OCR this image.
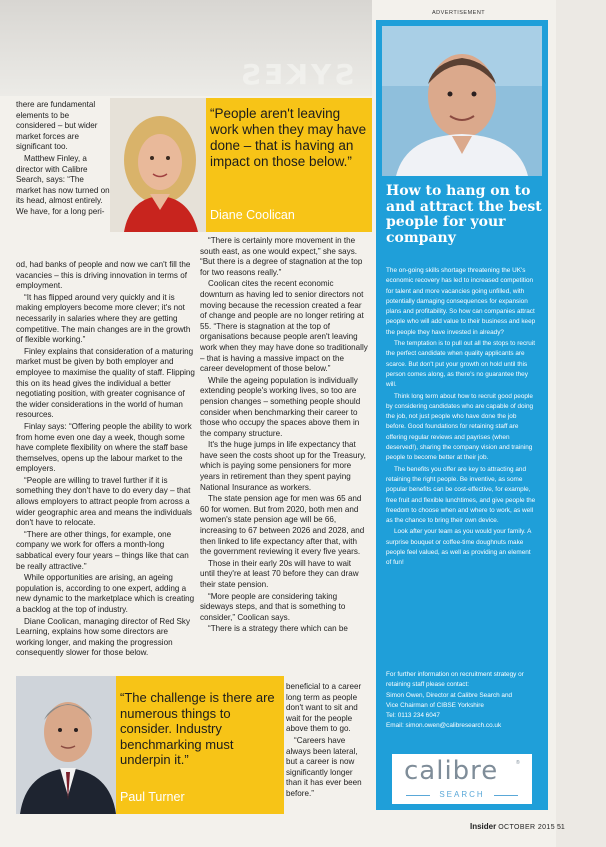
SYKES

there are fundamental elements to be considered – but wider market forces are significant too.

Matthew Finley, a director with Calibre Search, says: “The market has now turned on its head, almost entirely. We have, for a long peri-

“People aren't leaving work when they may have done – that is having an impact on those below.”
Diane Coolican

od, had banks of people and now we can't fill the vacancies – this is driving innovation in terms of employment.

“It has flipped around very quickly and it is making employers become more clever; it's not necessarily in salaries where they are getting competitive. The main changes are in the growth of flexible working.”

Finley explains that consideration of a maturing market must be given by both employer and employee to maximise the quality of staff. Flipping this on its head gives the individual a better negotiating position, with greater cognisance of the wider considerations in the world of human resources.

Finlay says: “Offering people the ability to work from home even one day a week, though some have complete flexibility on where the staff base themselves, opens up the labour market to the employers.

“People are willing to travel further if it is something they don't have to do every day – that allows employers to attract people from across a wider geographic area and means the individuals don't have to relocate.

“There are other things, for example, one company we work for offers a month-long sabbatical every four years – things like that can be really attractive.”

While opportunities are arising, an ageing population is, according to one expert, adding a new dynamic to the marketplace which is creating a backlog at the top of industry.

Diane Coolican, managing director of Red Sky Learning, explains how some directors are working longer, and making the progression consequently slower for those below.

“There is certainly more movement in the south east, as one would expect,” she says. “But there is a degree of stagnation at the top for two reasons really.”

Coolican cites the recent economic downturn as having led to senior directors not moving because the recession created a fear of change and people are no longer retiring at 55. “There is stagnation at the top of organisations because people aren't leaving work when they may have done so traditionally – that is having a massive impact on the career development of those below.”

While the ageing population is individually extending people's working lives, so too are pension changes – something people should consider when benchmarking their career to those who occupy the spaces above them in the company structure.

It's the huge jumps in life expectancy that have seen the costs shoot up for the Treasury, which is paying some pensioners for more years in retirement than they spent paying National Insurance as workers.

The state pension age for men was 65 and 60 for women. But from 2020, both men and women's state pension age will be 66, increasing to 67 between 2026 and 2028, and then linked to life expectancy after that, with the government reviewing it every five years.

Those in their early 20s will have to wait until they're at least 70 before they can draw their state pension.

“More people are considering taking sideways steps, and that is something to consider,” Coolican says.

“There is a strategy there which can be

“The challenge is there are numerous things to consider. Industry benchmarking must underpin it.”
Paul Turner

beneficial to a career long term as people don't want to sit and wait for the people above them to go.

“Careers have always been lateral, but a career is now significantly longer than it has ever been before.”

ADVERTISEMENT
How to hang on to and attract the best people for your company

The on-going skills shortage threatening the UK's economic recovery has led to increased competition for talent and more vacancies going unfilled, with potentially damaging consequences for expansion plans and profitability. So how can companies attract people who will add value to their business and keep the people they have invested in already?

The temptation is to pull out all the stops to recruit the perfect candidate when quality applicants are scarce. But don't put your growth on hold until this person comes along, as there's no guarantee they will.

Think long term about how to recruit good people by considering candidates who are capable of doing the job, not just people who have done the job before. Good foundations for retaining staff are offering regular reviews and payrises (when deserved!), sharing the company vision and training people to become better at their job.

The benefits you offer are key to attracting and retaining the right people. Be inventive, as some popular benefits can be cost-effective, for example, free fruit and flexible lunchtimes, and give people the freedom to choose when and where to work, as well as the chance to bring their own device.

Look after your team as you would your family. A surprise bouquet or coffee-time doughnuts make people feel valued, as well as providing an element of fun!

For further information on recruitment strategy or retaining staff please contact:
Simon Owen, Director at Calibre Search and
Vice Chairman of CIBSE Yorkshire
Tel: 0113 234 6047
Email: simon.owen@calibresearch.co.uk
calibre	®
SEARCH
Insider OCTOBER 2015 51
